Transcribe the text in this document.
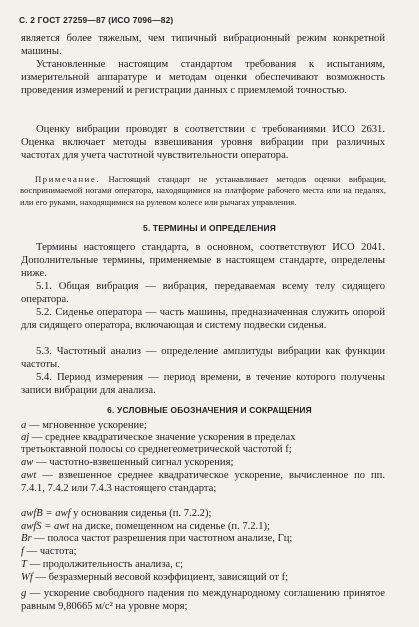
С. 2 ГОСТ 27259—87 (ИСО 7096—82)

является более тяжелым, чем типичный вибрационный режим конкретной машины.

Установленные настоящим стандартом требования к испытаниям, измерительной аппаратуре и методам оценки обеспечивают возможность проведения измерений и регистрации данных с приемлемой точностью.

Оценку вибрации проводят в соответствии с требованиями ИСО 2631. Оценка включает методы взвешивания уровня вибрации при различных частотах для учета частотной чувствительности оператора.

Примечание. Настоящий стандарт не устанавливает методов оценки вибрации, воспринимаемой ногами оператора, находящимися на платформе рабочего места или на педалях, или его руками, находящимися на рулевом колесе или рычагах управления.

5. ТЕРМИНЫ И ОПРЕДЕЛЕНИЯ

Термины настоящего стандарта, в основном, соответствуют ИСО 2041. Дополнительные термины, применяемые в настоящем стандарте, определены ниже.

5.1. Общая вибрация — вибрация, передаваемая всему телу сидящего оператора.

5.2. Сиденье оператора — часть машины, предназначенная служить опорой для сидящего оператора, включающая и систему подвески сиденья.

5.3. Частотный анализ — определение амплитуды вибрации как функции частоты.

5.4. Период измерения — период времени, в течение которого получены записи вибрации для анализа.

6. УСЛОВНЫЕ ОБОЗНАЧЕНИЯ И СОКРАЩЕНИЯ

a — мгновенное ускорение;

aj — среднее квадратическое значение ускорения в пределах

третьоктавной полосы со среднегеометрической частотой f;

aw — частотно-взвешенный сигнал ускорения;

awt — взвешенное среднее квадратическое ускорение, вычисленное по пп. 7.4.1, 7.4.2 или 7.4.3 настоящего стандарта;

awfB = awf у основания сиденья (п. 7.2.2);

awfS = awt на диске, помещенном на сиденье (п. 7.2.1);

Br — полоса частот разрешения при частотном анализе, Гц;

f — частота;

T — продолжительность анализа, с;

Wf — безразмерный весовой коэффициент, зависящий от f;

g — ускорение свободного падения по международному соглашению принятое равным 9,80665 м/с² на уровне моря;
